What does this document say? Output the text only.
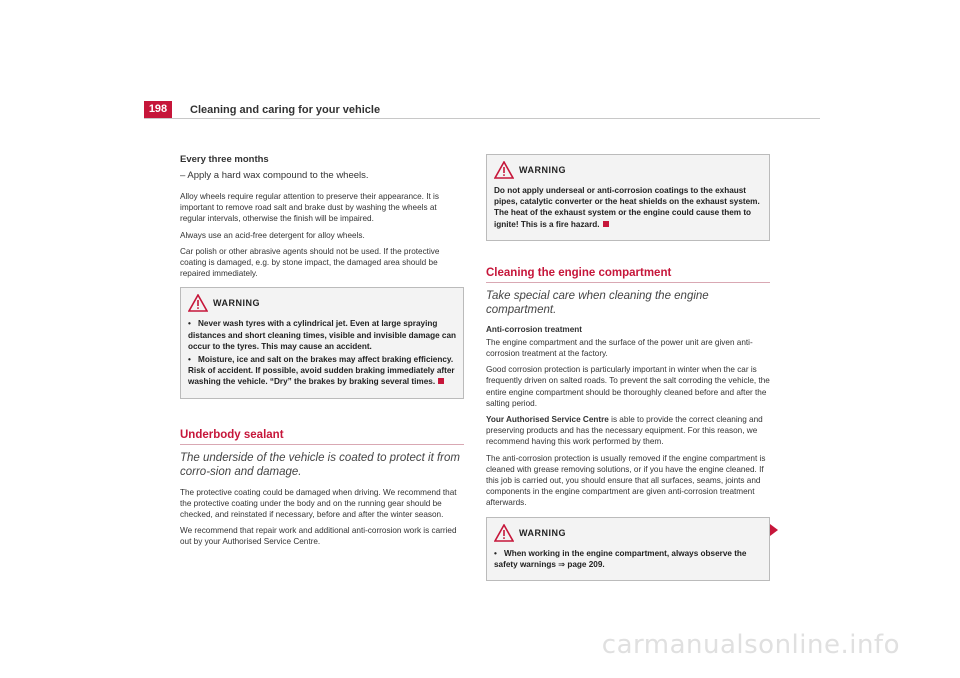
198	Cleaning and caring for your vehicle

Every three months

– Apply a hard wax compound to the wheels.

Alloy wheels require regular attention to preserve their appearance. It is important to remove road salt and brake dust by washing the wheels at regular intervals, otherwise the finish will be impaired.

Always use an acid-free detergent for alloy wheels.

Car polish or other abrasive agents should not be used. If the protective coating is damaged, e.g. by stone impact, the damaged area should be repaired immediately.

WARNING

• Never wash tyres with a cylindrical jet. Even at large spraying distances and short cleaning times, visible and invisible damage can occur to the tyres. This may cause an accident.

• Moisture, ice and salt on the brakes may affect braking efficiency. Risk of accident. If possible, avoid sudden braking immediately after washing the vehicle. “Dry” the brakes by braking several times.

Underbody sealant

The underside of the vehicle is coated to protect it from corro-sion and damage.

The protective coating could be damaged when driving. We recommend that the protective coating under the body and on the running gear should be checked, and reinstated if necessary, before and after the winter season.

We recommend that repair work and additional anti-corrosion work is carried out by your Authorised Service Centre.

WARNING

Do not apply underseal or anti-corrosion coatings to the exhaust pipes, catalytic converter or the heat shields on the exhaust system. The heat of the exhaust system or the engine could cause them to ignite! This is a fire hazard.

Cleaning the engine compartment

Take special care when cleaning the engine compartment.

Anti-corrosion treatment

The engine compartment and the surface of the power unit are given anti-corrosion treatment at the factory.

Good corrosion protection is particularly important in winter when the car is frequently driven on salted roads. To prevent the salt corroding the vehicle, the entire engine compartment should be thoroughly cleaned before and after the salting period.

Your Authorised Service Centre is able to provide the correct cleaning and preserving products and has the necessary equipment. For this reason, we recommend having this work performed by them.

The anti-corrosion protection is usually removed if the engine compartment is cleaned with grease removing solutions, or if you have the engine cleaned. If this job is carried out, you should ensure that all surfaces, seams, joints and components in the engine compartment are given anti-corrosion treatment afterwards.

WARNING

• When working in the engine compartment, always observe the safety warnings ⇒ page 209.

carmanualsonline.info
